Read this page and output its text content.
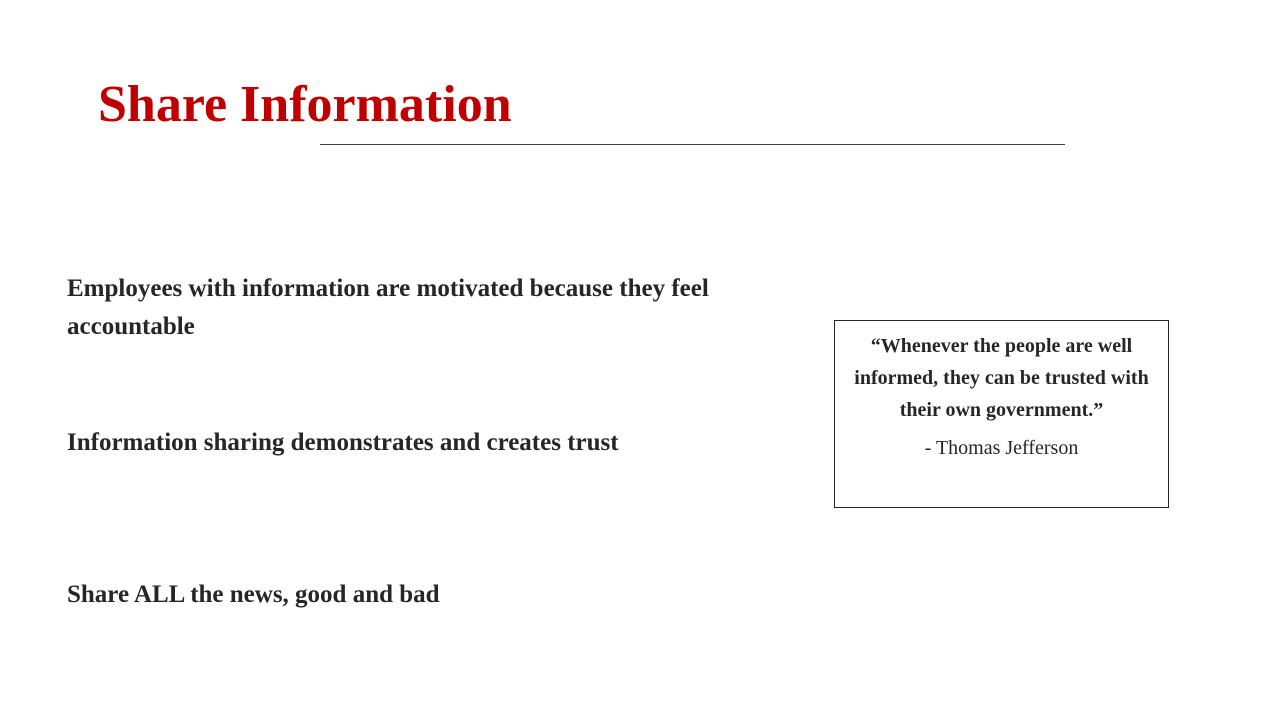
Share Information

Employees with information are motivated because they feel accountable

Information sharing demonstrates and creates trust

Share ALL the news, good and bad

“Whenever the people are well informed, they can be trusted with their own government.”

- Thomas Jefferson
